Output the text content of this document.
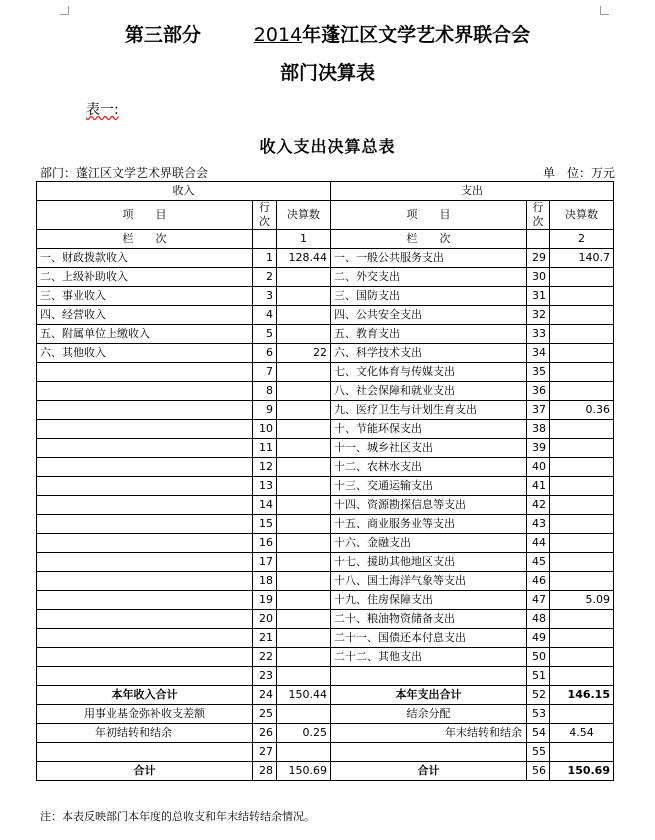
第三部分	2014年蓬江区文学艺术界联合会
部门决算表
表一:
收入支出决算总表
部门：蓬江区文学艺术界联合会	单　位：万元
收入			支出		
项　　目	行次	决算数	项　　目	行次	决算数
栏　　次		1	栏　　次		2
一、财政拨款收入	1	128.44	一、一般公共服务支出	29	140.7
二、上级补助收入	2		二、外交支出	30	
三、事业收入	3		三、国防支出	31	
四、经营收入	4		四、公共安全支出	32	
五、附属单位上缴收入	5		五、教育支出	33	
六、其他收入	6	22	六、科学技术支出	34	
	7		七、文化体育与传媒支出	35	
	8		八、社会保障和就业支出	36	
	9		九、医疗卫生与计划生育支出	37	0.36
	10		十、节能环保支出	38	
	11		十一、城乡社区支出	39	
	12		十二、农林水支出	40	
	13		十三、交通运输支出	41	
	14		十四、资源勘探信息等支出	42	
	15		十五、商业服务业等支出	43	
	16		十六、金融支出	44	
	17		十七、援助其他地区支出	45	
	18		十八、国土海洋气象等支出	46	
	19		十九、住房保障支出	47	5.09
	20		二十、粮油物资储备支出	48	
	21		二十一、国债还本付息支出	49	
	22		二十二、其他支出	50	
	23			51	
本年收入合计	24	150.44	本年支出合计	52	146.15
用事业基金弥补收支差额	25		结余分配	53	
年初结转和结余	26	0.25	年末结转和结余	54	4.54
	27			55	
合计	28	150.69	合计	56	150.69
注：本表反映部门本年度的总收支和年末结转结余情况。
